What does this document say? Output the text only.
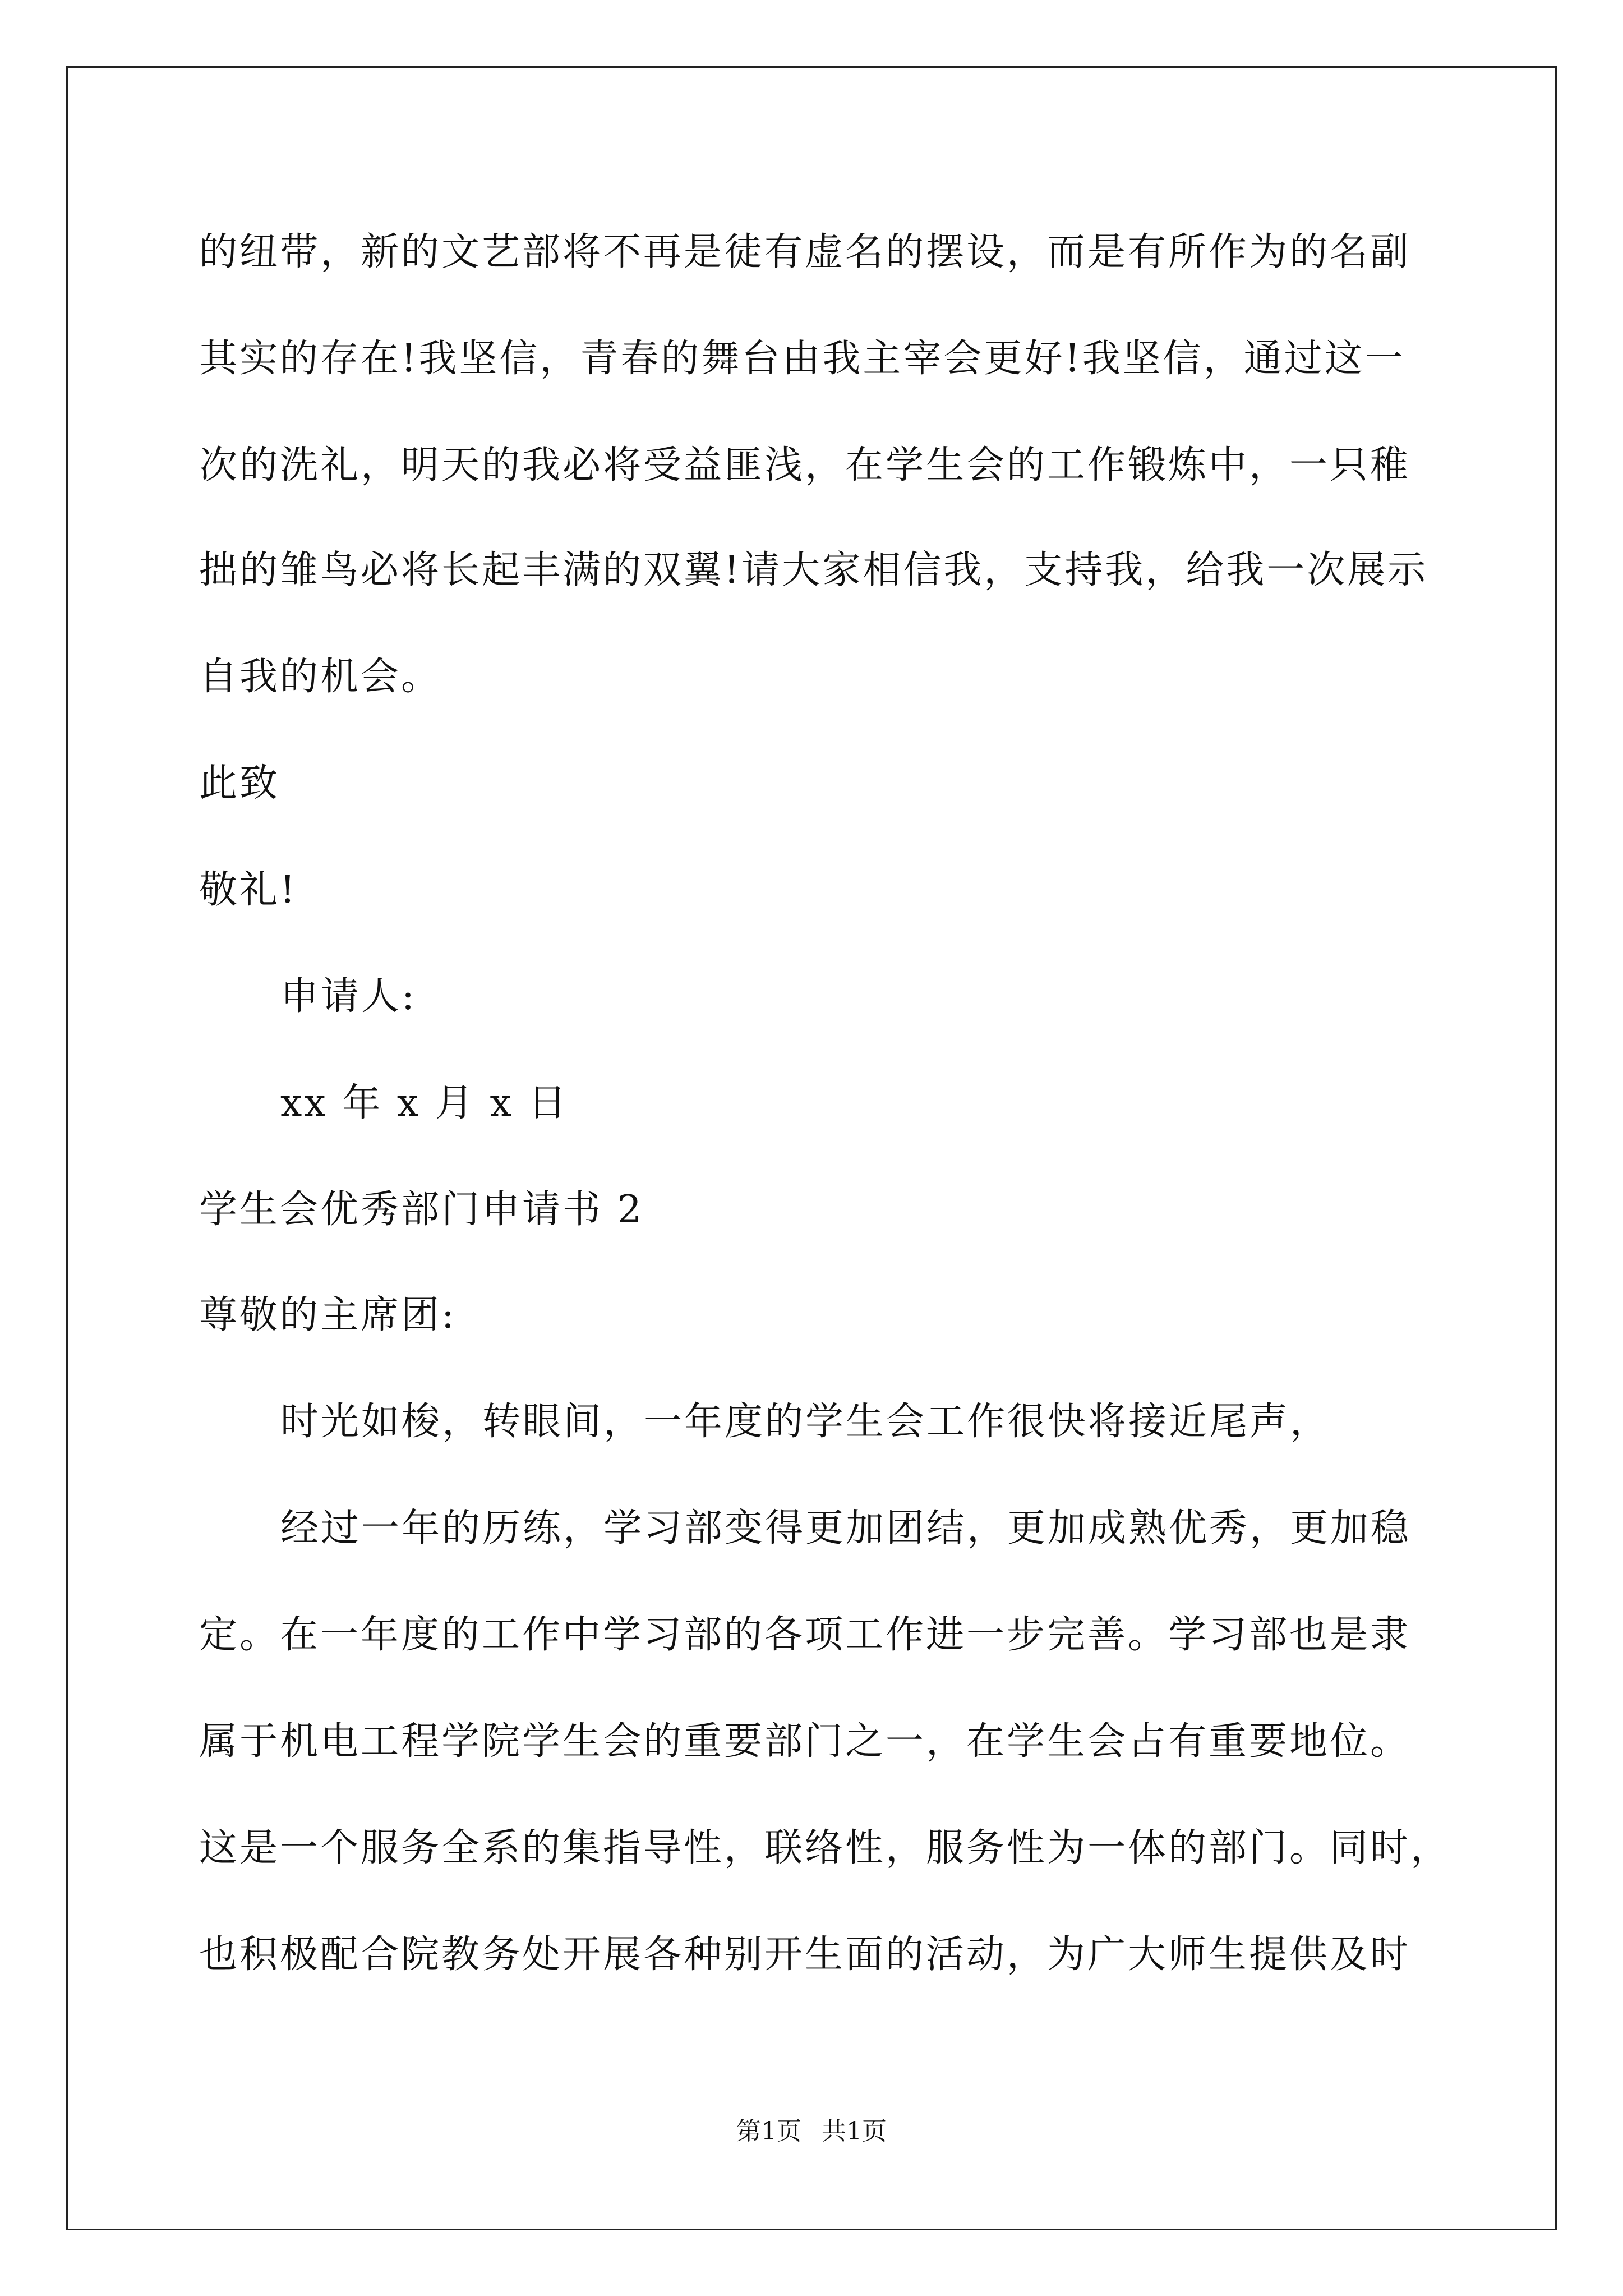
的纽带，新的文艺部将不再是徒有虚名的摆设，而是有所作为的名副
其实的存在!我坚信，青春的舞台由我主宰会更好!我坚信，通过这一
次的洗礼，明天的我必将受益匪浅，在学生会的工作锻炼中，一只稚
拙的雏鸟必将长起丰满的双翼!请大家相信我，支持我，给我一次展示
自我的机会。
此致
敬礼!
申请人:
xx 年 x 月 x 日
学生会优秀部门申请书 2
尊敬的主席团:
时光如梭，转眼间，一年度的学生会工作很快将接近尾声，
经过一年的历练，学习部变得更加团结，更加成熟优秀，更加稳
定。在一年度的工作中学习部的各项工作进一步完善。学习部也是隶
属于机电工程学院学生会的重要部门之一，在学生会占有重要地位。
这是一个服务全系的集指导性，联络性，服务性为一体的部门。同时，
也积极配合院教务处开展各种别开生面的活动，为广大师生提供及时
第1页 共1页
